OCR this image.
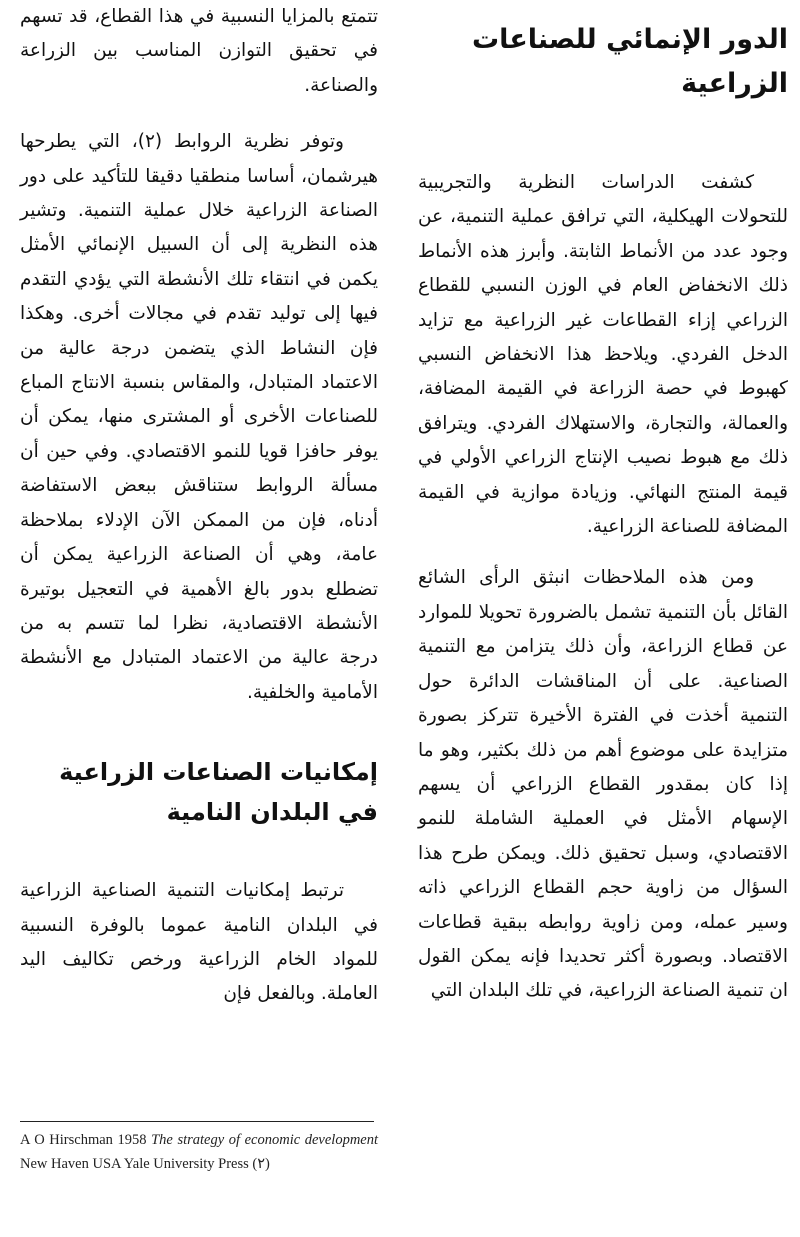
الدور الإنمائي للصناعات الزراعية

كشفت الدراسات النظرية والتجريبية للتحولات الهيكلية، التي ترافق عملية التنمية، عن وجود عدد من الأنماط الثابتة. وأبرز هذه الأنماط ذلك الانخفاض العام في الوزن النسبي للقطاع الزراعي إزاء القطاعات غير الزراعية مع تزايد الدخل الفردي. ويلاحظ هذا الانخفاض النسبي كهبوط في حصة الزراعة في القيمة المضافة، والعمالة، والتجارة، والاستهلاك الفردي. ويترافق ذلك مع هبوط نصيب الإنتاج الزراعي الأولي في قيمة المنتج النهائي. وزيادة موازية في القيمة المضافة للصناعة الزراعية.

ومن هذه الملاحظات انبثق الرأى الشائع القائل بأن التنمية تشمل بالضرورة تحويلا للموارد عن قطاع الزراعة، وأن ذلك يتزامن مع التنمية الصناعية. على أن المناقشات الدائرة حول التنمية أخذت في الفترة الأخيرة تتركز بصورة متزايدة على موضوع أهم من ذلك بكثير، وهو ما إذا كان بمقدور القطاع الزراعي أن يسهم الإسهام الأمثل في العملية الشاملة للنمو الاقتصادي، وسبل تحقيق ذلك. ويمكن طرح هذا السؤال من زاوية حجم القطاع الزراعي ذاته وسير عمله، ومن زاوية روابطه ببقية قطاعات الاقتصاد. وبصورة أكثر تحديدا فإنه يمكن القول ان تنمية الصناعة الزراعية، في تلك البلدان التي

تتمتع بالمزايا النسبية في هذا القطاع، قد تسهم في تحقيق التوازن المناسب بين الزراعة والصناعة.

وتوفر نظرية الروابط (٢)، التي يطرحها هيرشمان، أساسا منطقيا دقيقا للتأكيد على دور الصناعة الزراعية خلال عملية التنمية. وتشير هذه النظرية إلى أن السبيل الإنمائي الأمثل يكمن في انتقاء تلك الأنشطة التي يؤدي التقدم فيها إلى توليد تقدم في مجالات أخرى. وهكذا فإن النشاط الذي يتضمن درجة عالية من الاعتماد المتبادل، والمقاس بنسبة الانتاج المباع للصناعات الأخرى أو المشترى منها، يمكن أن يوفر حافزا قويا للنمو الاقتصادي. وفي حين أن مسألة الروابط ستناقش ببعض الاستفاضة أدناه، فإن من الممكن الآن الإدلاء بملاحظة عامة، وهي أن الصناعة الزراعية يمكن أن تضطلع بدور بالغ الأهمية في التعجيل بوتيرة الأنشطة الاقتصادية، نظرا لما تتسم به من درجة عالية من الاعتماد المتبادل مع الأنشطة الأمامية والخلفية.

إمكانيات الصناعات الزراعية في البلدان النامية

ترتبط إمكانيات التنمية الصناعية الزراعية في البلدان النامية عموما بالوفرة النسبية للمواد الخام الزراعية ورخص تكاليف اليد العاملة. وبالفعل فإن

A O Hirschman 1958 The strategy of economic development New Haven USA Yale University Press (٢)
